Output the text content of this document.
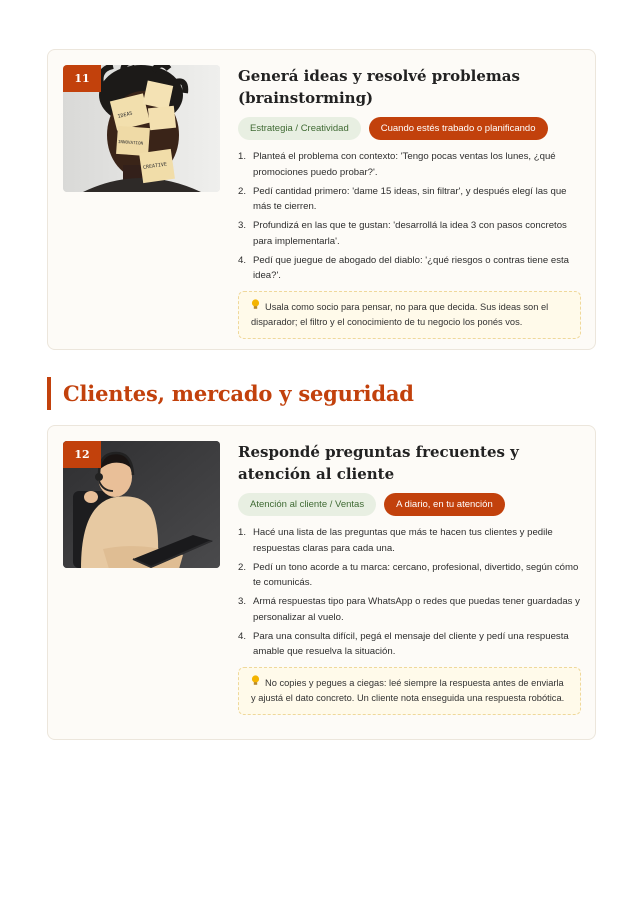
IDEAS
INNOVATION
CREATIVE
11	Generá ideas y resolvé problemas (brainstorming)
Estrategia / Creatividad	Cuando estés trabado o planificando
1. Planteá el problema con contexto: 'Tengo pocas ventas los lunes, ¿qué promociones puedo probar?'.
2. Pedí cantidad primero: 'dame 15 ideas, sin filtrar', y después elegí las que más te cierren.
3. Profundizá en las que te gustan: 'desarrollá la idea 3 con pasos concretos para implementarla'.
4. Pedí que juegue de abogado del diablo: '¿qué riesgos o contras tiene esta idea?'.
Usala como socio para pensar, no para que decida. Sus ideas son el disparador; el filtro y el conocimiento de tu negocio los ponés vos.
Clientes, mercado y seguridad
12	Respondé preguntas frecuentes y atención al cliente
Atención al cliente / Ventas	A diario, en tu atención
1. Hacé una lista de las preguntas que más te hacen tus clientes y pedile respuestas claras para cada una.
2. Pedí un tono acorde a tu marca: cercano, profesional, divertido, según cómo te comunicás.
3. Armá respuestas tipo para WhatsApp o redes que puedas tener guardadas y personalizar al vuelo.
4. Para una consulta difícil, pegá el mensaje del cliente y pedí una respuesta amable que resuelva la situación.
No copies y pegues a ciegas: leé siempre la respuesta antes de enviarla y ajustá el dato concreto. Un cliente nota enseguida una respuesta robótica.
